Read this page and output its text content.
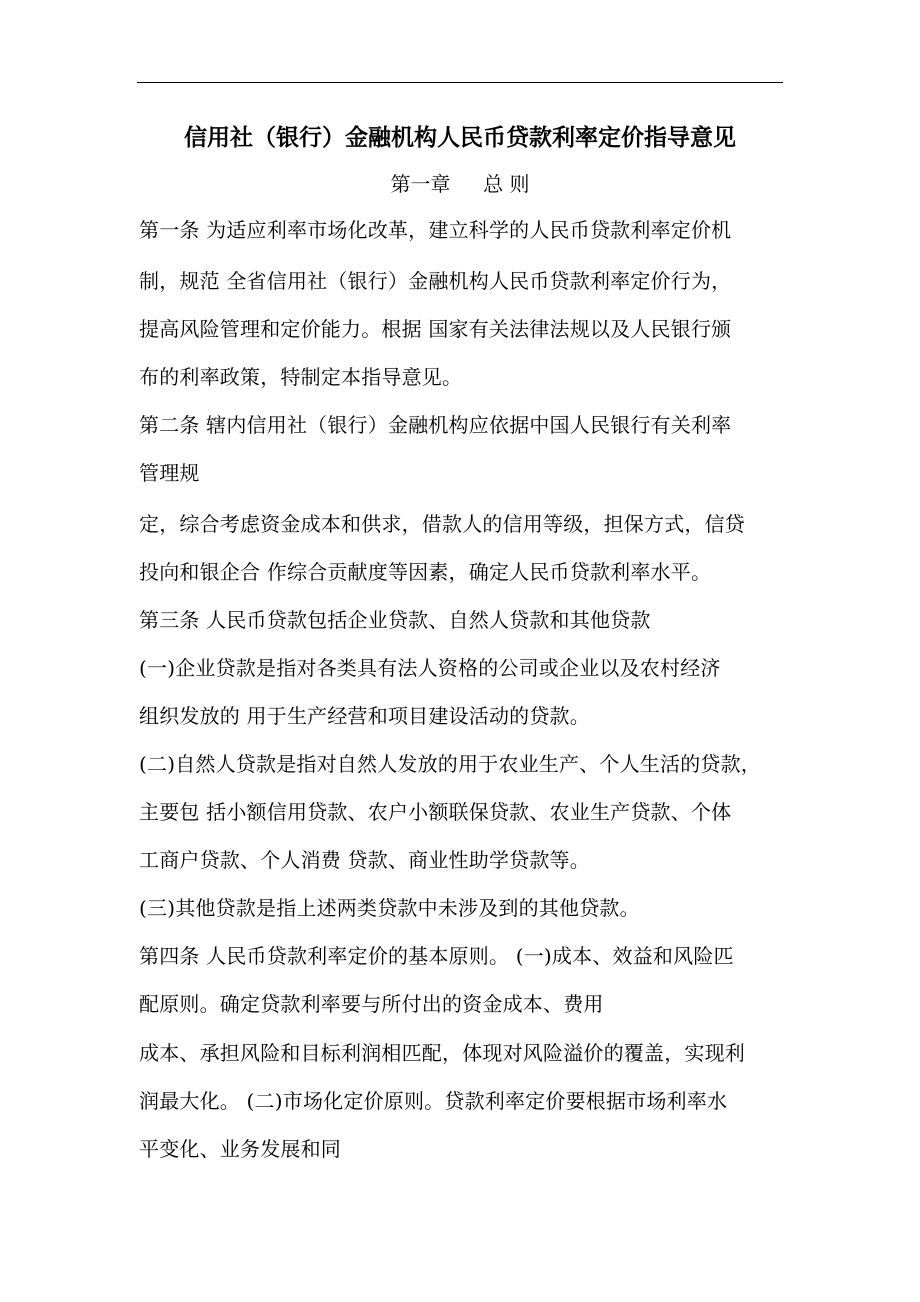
信用社（银行）金融机构人民币贷款利率定价指导意见
第一章　  总 则
第一条 为适应利率市场化改革，建立科学的人民币贷款利率定价机
制，规范 全省信用社（银行）金融机构人民币贷款利率定价行为，
提高风险管理和定价能力。根据 国家有关法律法规以及人民银行颁
布的利率政策，特制定本指导意见。
第二条 辖内信用社（银行）金融机构应依据中国人民银行有关利率
管理规
定，综合考虑资金成本和供求，借款人的信用等级，担保方式，信贷
投向和银企合 作综合贡献度等因素，确定人民币贷款利率水平。
第三条 人民币贷款包括企业贷款、自然人贷款和其他贷款
(一)企业贷款是指对各类具有法人资格的公司或企业以及农村经济
组织发放的 用于生产经营和项目建设活动的贷款。
(二)自然人贷款是指对自然人发放的用于农业生产、个人生活的贷款，
主要包 括小额信用贷款、农户小额联保贷款、农业生产贷款、个体
工商户贷款、个人消费 贷款、商业性助学贷款等。
(三)其他贷款是指上述两类贷款中未涉及到的其他贷款。
第四条 人民币贷款利率定价的基本原则。 (一)成本、效益和风险匹
配原则。确定贷款利率要与所付出的资金成本、费用
成本、承担风险和目标利润相匹配，体现对风险溢价的覆盖，实现利
润最大化。 (二)市场化定价原则。贷款利率定价要根据市场利率水
平变化、业务发展和同
